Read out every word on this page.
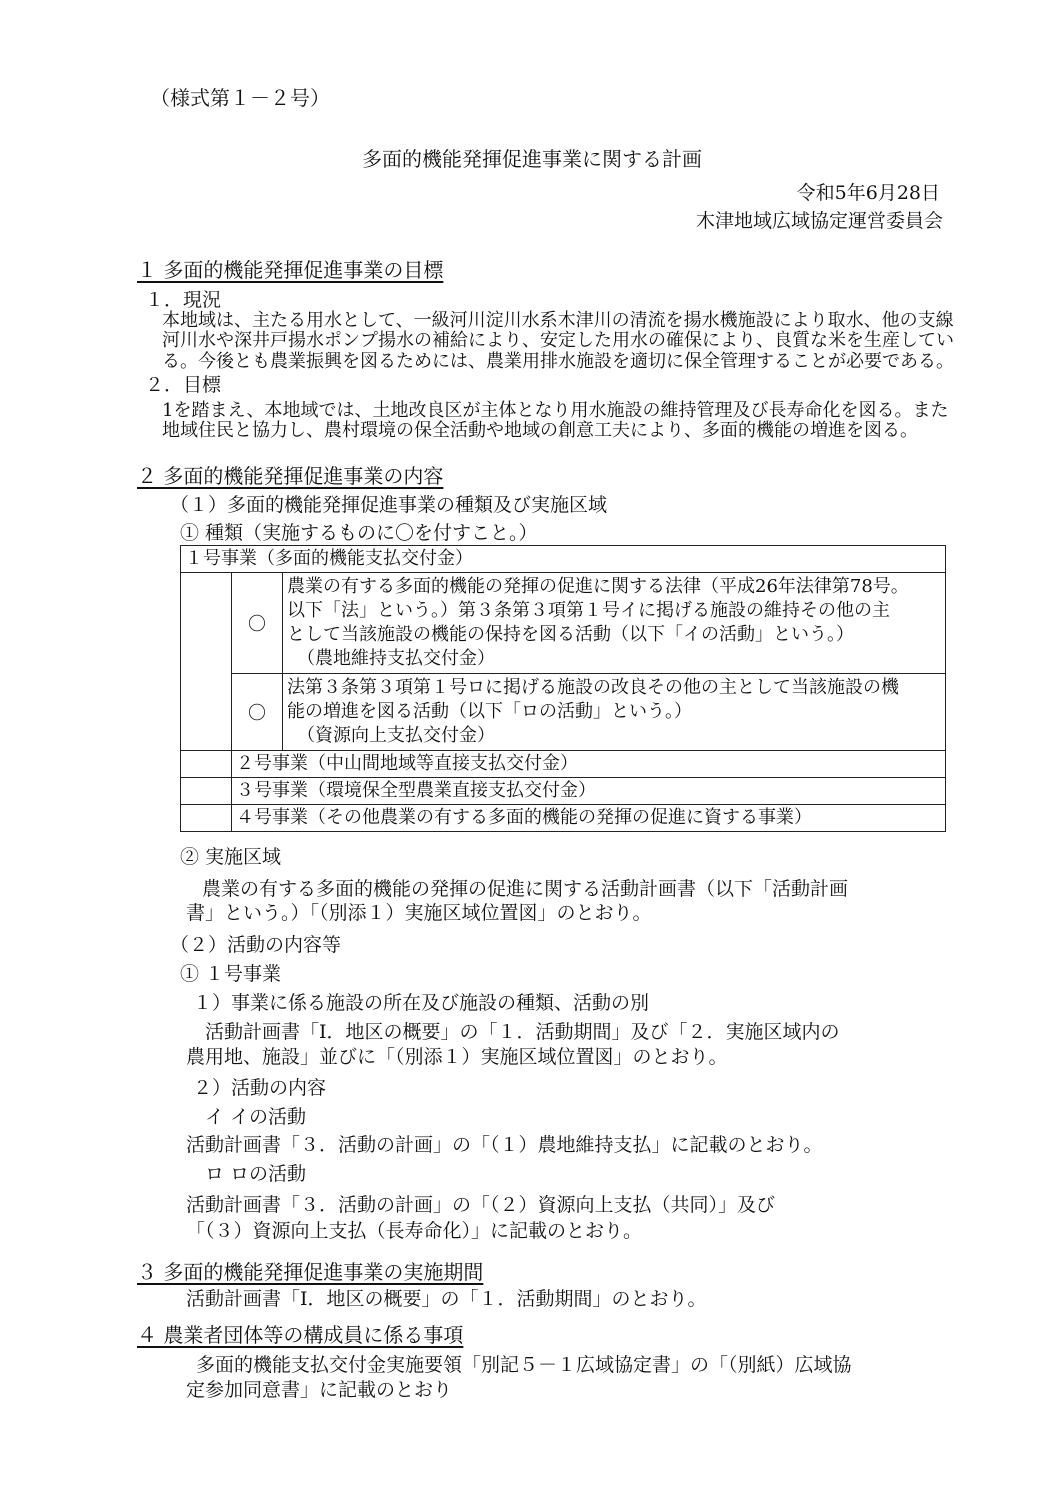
（様式第１－２号）
多面的機能発揮促進事業に関する計画
令和5年6月28日
木津地域広域協定運営委員会
１ 多面的機能発揮促進事業の目標
１．現況
本地域は、主たる用水として、一級河川淀川水系木津川の清流を揚水機施設により取水、他の支線
河川水や深井戸揚水ポンプ揚水の補給により、安定した用水の確保により、良質な米を生産してい
る。今後とも農業振興を図るためには、農業用排水施設を適切に保全管理することが必要である。
２．目標
1を踏まえ、本地域では、土地改良区が主体となり用水施設の維持管理及び長寿命化を図る。また
地域住民と協力し、農村環境の保全活動や地域の創意工夫により、多面的機能の増進を図る。
２ 多面的機能発揮促進事業の内容
（１）多面的機能発揮促進事業の種類及び実施区域
① 種類（実施するものに〇を付すこと。）
１号事業（多面的機能支払交付金）		
	〇	農業の有する多面的機能の発揮の促進に関する法律（平成26年法律第78号。
以下「法」という。）第３条第３項第１号イに掲げる施設の維持その他の主
として当該施設の機能の保持を図る活動（以下「イの活動」という。）
（農地維持支払交付金）

	〇	法第３条第３項第１号ロに掲げる施設の改良その他の主として当該施設の機
能の増進を図る活動（以下「ロの活動」という。）
（資源向上支払交付金）

	２号事業（中山間地域等直接支払交付金）	
	３号事業（環境保全型農業直接支払交付金）	
	４号事業（その他農業の有する多面的機能の発揮の促進に資する事業）	
② 実施区域
農業の有する多面的機能の発揮の促進に関する活動計画書（以下「活動計画
書」という。）「（別添１）実施区域位置図」のとおり。
（２）活動の内容等
① １号事業
１）事業に係る施設の所在及び施設の種類、活動の別
活動計画書「Ⅰ．地区の概要」の「１．活動期間」及び「２．実施区域内の
農用地、施設」並びに「（別添１）実施区域位置図」のとおり。
２）活動の内容
イ イの活動
活動計画書「３．活動の計画」の「（１）農地維持支払」に記載のとおり。
ロ ロの活動
活動計画書「３．活動の計画」の「（２）資源向上支払（共同）」及び
「（３）資源向上支払（長寿命化）」に記載のとおり。
３ 多面的機能発揮促進事業の実施期間
活動計画書「Ⅰ．地区の概要」の「１．活動期間」のとおり。
４ 農業者団体等の構成員に係る事項
多面的機能支払交付金実施要領「別記５－１広域協定書」の「（別紙）広域協
定参加同意書」に記載のとおり
